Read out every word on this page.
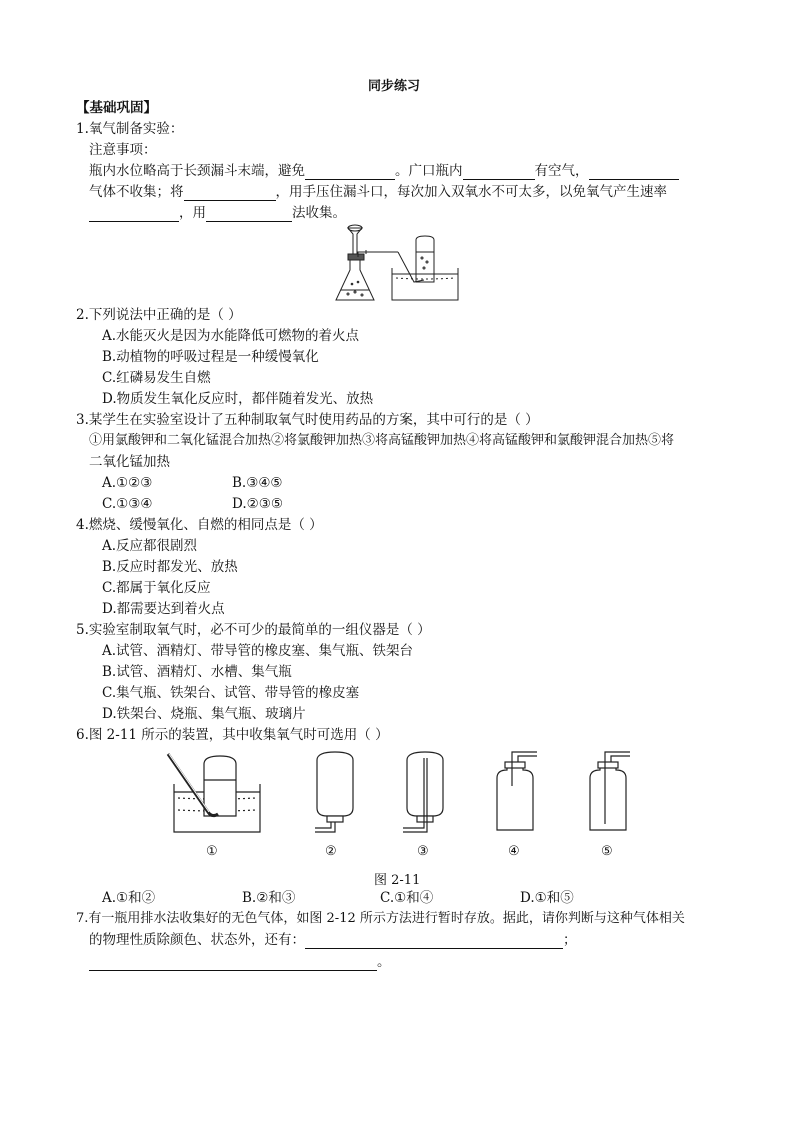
同步练习
【基础巩固】
1.氧气制备实验：
注意事项：
瓶内水位略高于长颈漏斗末端，避免	。广口瓶内	有空气，
气体不收集；将	，用手压住漏斗口，每次加入双氧水不可太多，以免氧气产生速率
，用	法收集。
2.下列说法中正确的是（ ）
A.水能灭火是因为水能降低可燃物的着火点
B.动植物的呼吸过程是一种缓慢氧化
C.红磷易发生自燃
D.物质发生氧化反应时，都伴随着发光、放热
3.某学生在实验室设计了五种制取氧气时使用药品的方案，其中可行的是（ ）
①用氯酸钾和二氧化锰混合加热②将氯酸钾加热③将高锰酸钾加热④将高锰酸钾和氯酸钾混合加热⑤将
二氧化锰加热
A.①②③	B.③④⑤
C.①③④	D.②③⑤
4.燃烧、缓慢氧化、自燃的相同点是（ ）
A.反应都很剧烈
B.反应时都发光、放热
C.都属于氧化反应
D.都需要达到着火点
5.实验室制取氧气时，必不可少的最简单的一组仪器是（ ）
A.试管、酒精灯、带导管的橡皮塞、集气瓶、铁架台
B.试管、酒精灯、水槽、集气瓶
C.集气瓶、铁架台、试管、带导管的橡皮塞
D.铁架台、烧瓶、集气瓶、玻璃片
6.图 2-11 所示的装置，其中收集氧气时可选用（ ）
①	②	③	④	⑤
图 2-11
A.①和②	B.②和③	C.①和④	D.①和⑤
7.有一瓶用排水法收集好的无色气体，如图 2-12 所示方法进行暂时存放。据此，请你判断与这种气体相关
的物理性质除颜色、状态外，还有：	；
。
